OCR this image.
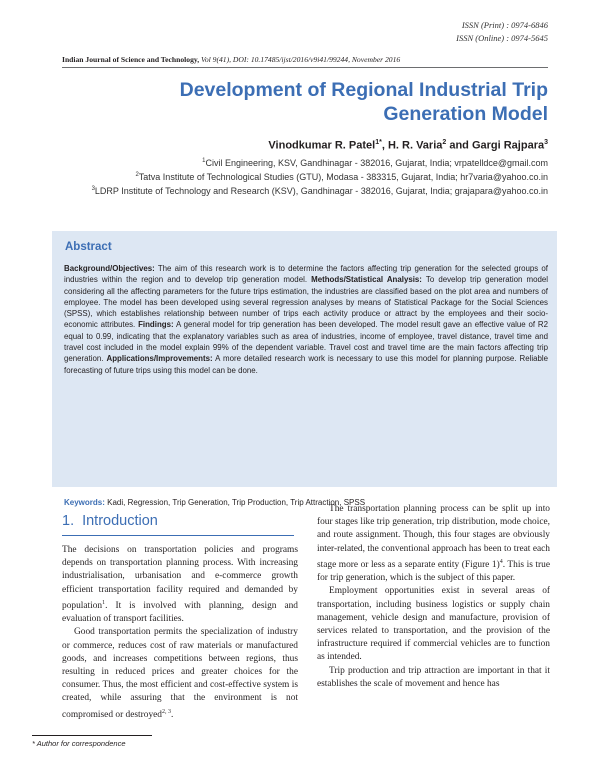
ISSN (Print) : 0974-6846
ISSN (Online) : 0974-5645
Indian Journal of Science and Technology, Vol 9(41), DOI: 10.17485/ijst/2016/v9i41/99244, November 2016
Development of Regional Industrial Trip Generation Model
Vinodkumar R. Patel$^{1*}$, H. R. Varia$^2$ and Gargi Rajpara$^3$
$^1$Civil Engineering, KSV, Gandhinagar - 382016, Gujarat, India; vrpatelldce@gmail.com
$^2$Tatva Institute of Technological Studies (GTU), Modasa - 383315, Gujarat, India; hr7varia@yahoo.co.in
$^3$LDRP Institute of Technology and Research (KSV), Gandhinagar - 382016, Gujarat, India; grajapara@yahoo.co.in
Abstract
Background/Objectives: The aim of this research work is to determine the factors affecting trip generation for the selected groups of industries within the region and to develop trip generation model. Methods/Statistical Analysis: To develop trip generation model considering all the affecting parameters for the future trips estimation, the industries are classified based on the plot area and numbers of employee. The model has been developed using several regression analyses by means of Statistical Package for the Social Sciences (SPSS), which establishes relationship between number of trips each activity produce or attract by the employees and their socio-economic attributes. Findings: A general model for trip generation has been developed. The model result gave an effective value of R2 equal to 0.99, indicating that the explanatory variables such as area of industries, income of employee, travel distance, travel time and travel cost included in the model explain 99% of the dependent variable. Travel cost and travel time are the main factors affecting trip generation. Applications/Improvements: A more detailed research work is necessary to use this model for planning purpose. Reliable forecasting of future trips using this model can be done.
Keywords: Kadi, Regression, Trip Generation, Trip Production, Trip Attraction, SPSS
1. Introduction

The decisions on transportation policies and programs depends on transportation planning process. With increasing industrialisation, urbanisation and e-commerce growth efficient transportation facility required and demanded by population$^1$. It is involved with planning, design and evaluation of transport facilities.

Good transportation permits the specialization of industry or commerce, reduces cost of raw materials or manufactured goods, and increases competitions between regions, thus resulting in reduced prices and greater choices for the consumer. Thus, the most efficient and cost-effective system is created, while assuring that the environment is not compromised or destroyed$^{2, 3}$.

The transportation planning process can be split up into four stages like trip generation, trip distribution, mode choice, and route assignment. Though, this four stages are obviously inter-related, the conventional approach has been to treat each stage more or less as a separate entity (Figure 1)$^4$. This is true for trip generation, which is the subject of this paper.

Employment opportunities exist in several areas of transportation, including business logistics or supply chain management, vehicle design and manufacture, provision of services related to transportation, and the provision of the infrastructure required if commercial vehicles are to function as intended.

Trip production and trip attraction are important in that it establishes the scale of movement and hence has

* Author for correspondence
